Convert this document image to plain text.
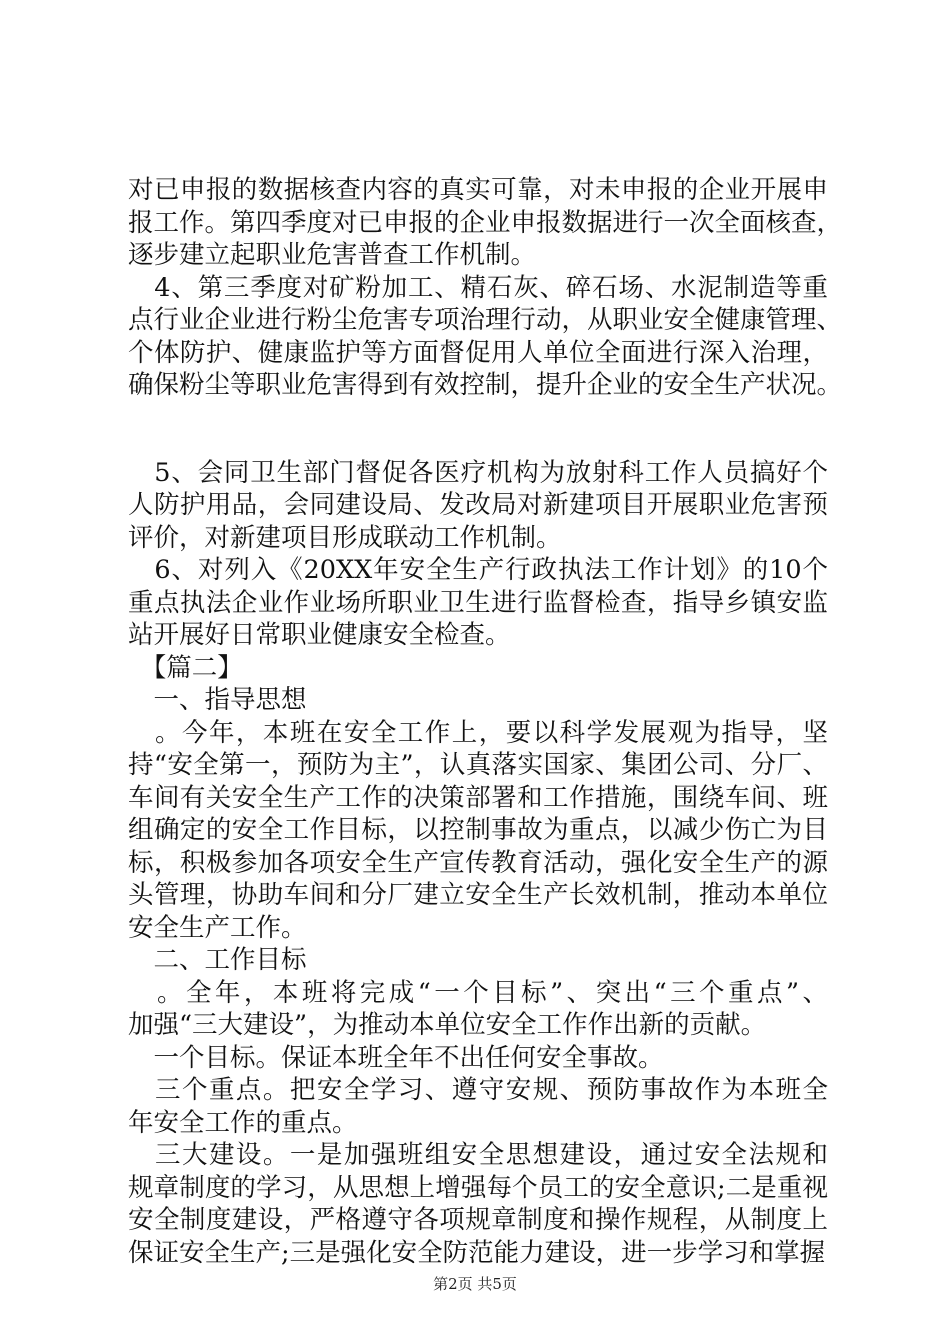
对已申报的数据核查内容的真实可靠，对未申报的企业开展申
报工作。第四季度对已申报的企业申报数据进行一次全面核查，
逐步建立起职业危害普查工作机制。
　4、第三季度对矿粉加工、精石灰、碎石场、水泥制造等重
点行业企业进行粉尘危害专项治理行动，从职业安全健康管理、
个体防护、健康监护等方面督促用人单位全面进行深入治理，
确保粉尘等职业危害得到有效控制，提升企业的安全生产状况。
　5、会同卫生部门督促各医疗机构为放射科工作人员搞好个
人防护用品，会同建设局、发改局对新建项目开展职业危害预
评价，对新建项目形成联动工作机制。
　6、对列入《20XX年安全生产行政执法工作计划》的10个
重点执法企业作业场所职业卫生进行监督检查，指导乡镇安监
站开展好日常职业健康安全检查。
　【篇二】
　一、指导思想
　。今年，本班在安全工作上，要以科学发展观为指导，坚
持“安全第一，预防为主”，认真落实国家、集团公司、分厂、
车间有关安全生产工作的决策部署和工作措施，围绕车间、班
组确定的安全工作目标，以控制事故为重点，以减少伤亡为目
标，积极参加各项安全生产宣传教育活动，强化安全生产的源
头管理，协助车间和分厂建立安全生产长效机制，推动本单位
安全生产工作。
　二、工作目标
　。全年，本班将完成“一个目标”、突出“三个重点”、
加强“三大建设”，为推动本单位安全工作作出新的贡献。
　一个目标。保证本班全年不出任何安全事故。
　三个重点。把安全学习、遵守安规、预防事故作为本班全
年安全工作的重点。
　三大建设。一是加强班组安全思想建设，通过安全法规和
规章制度的学习，从思想上增强每个员工的安全意识;二是重视
安全制度建设，严格遵守各项规章制度和操作规程，从制度上
保证安全生产;三是强化安全防范能力建设，进一步学习和掌握
第2页 共5页
